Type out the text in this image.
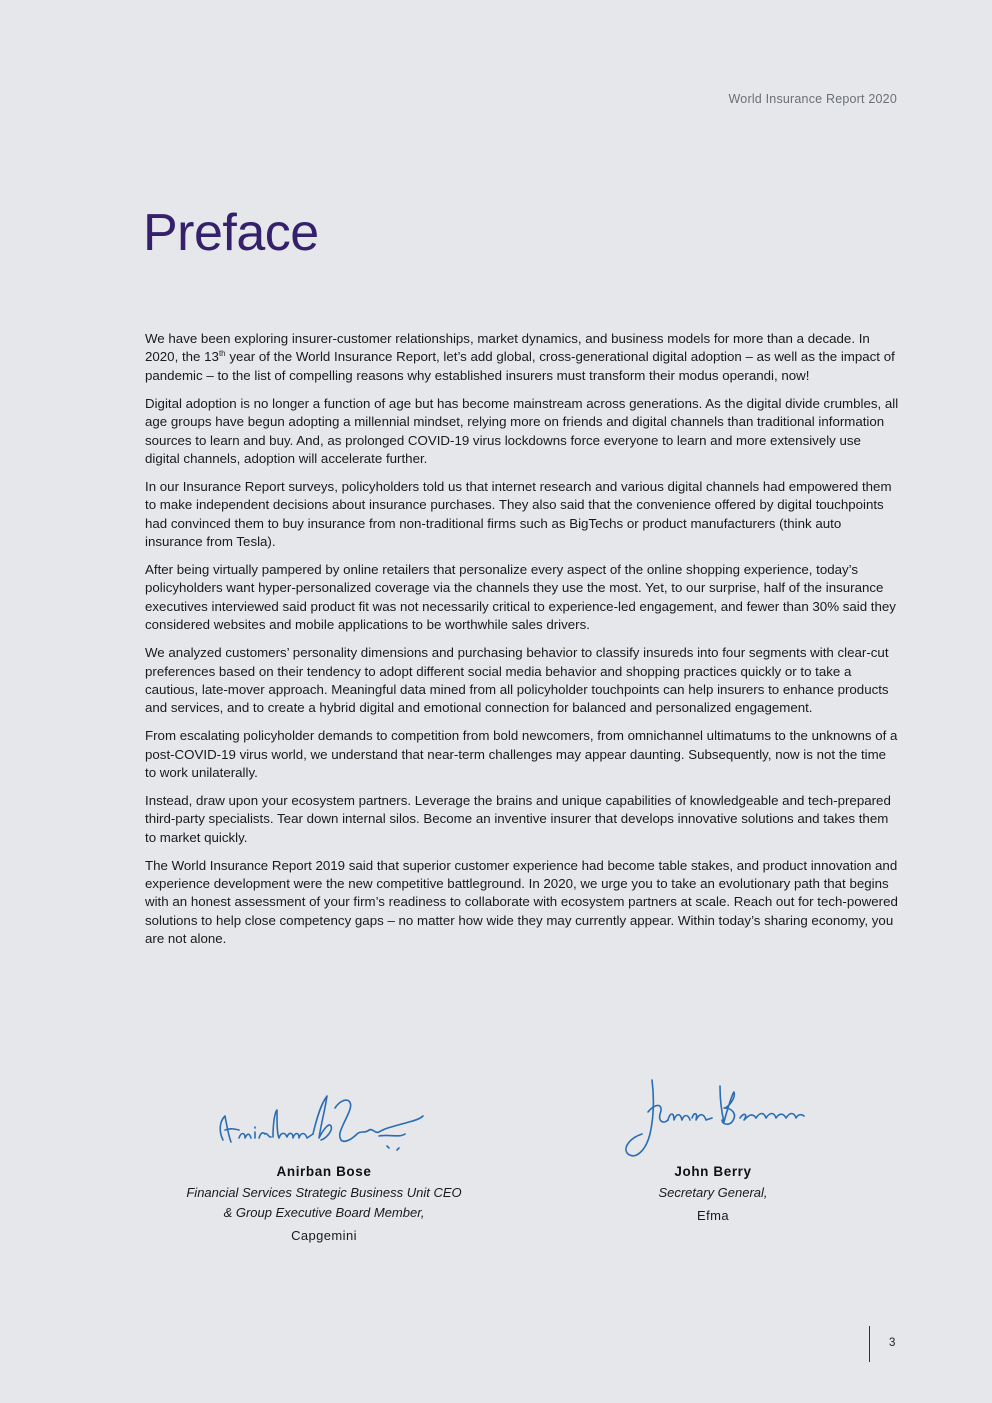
World Insurance Report 2020
Preface

We have been exploring insurer-customer relationships, market dynamics, and business models for more than a decade. In 2020, the 13th year of the World Insurance Report, let’s add global, cross-generational digital adoption – as well as the impact of pandemic – to the list of compelling reasons why established insurers must transform their modus operandi, now!

Digital adoption is no longer a function of age but has become mainstream across generations. As the digital divide crumbles, all age groups have begun adopting a millennial mindset, relying more on friends and digital channels than traditional information sources to learn and buy. And, as prolonged COVID-19 virus lockdowns force everyone to learn and more extensively use digital channels, adoption will accelerate further.

In our Insurance Report surveys, policyholders told us that internet research and various digital channels had empowered them to make independent decisions about insurance purchases. They also said that the convenience offered by digital touchpoints had convinced them to buy insurance from non-traditional firms such as BigTechs or product manufacturers (think auto insurance from Tesla).

After being virtually pampered by online retailers that personalize every aspect of the online shopping experience, today’s policyholders want hyper-personalized coverage via the channels they use the most. Yet, to our surprise, half of the insurance executives interviewed said product fit was not necessarily critical to experience-led engagement, and fewer than 30% said they considered websites and mobile applications to be worthwhile sales drivers.

We analyzed customers’ personality dimensions and purchasing behavior to classify insureds into four segments with clear-cut preferences based on their tendency to adopt different social media behavior and shopping practices quickly or to take a cautious, late-mover approach. Meaningful data mined from all policyholder touchpoints can help insurers to enhance products and services, and to create a hybrid digital and emotional connection for balanced and personalized engagement.

From escalating policyholder demands to competition from bold newcomers, from omnichannel ultimatums to the unknowns of a post-COVID-19 virus world, we understand that near-term challenges may appear daunting. Subsequently, now is not the time to work unilaterally.

Instead, draw upon your ecosystem partners. Leverage the brains and unique capabilities of knowledgeable and tech-prepared third-party specialists. Tear down internal silos. Become an inventive insurer that develops innovative solutions and takes them to market quickly.

The World Insurance Report 2019 said that superior customer experience had become table stakes, and product innovation and experience development were the new competitive battleground. In 2020, we urge you to take an evolutionary path that begins with an honest assessment of your firm’s readiness to collaborate with ecosystem partners at scale. Reach out for tech-powered solutions to help close competency gaps – no matter how wide they may currently appear. Within today’s sharing economy, you are not alone.

Anirban Bose
Financial Services Strategic Business Unit CEO
& Group Executive Board Member,
Capgemini
John Berry
Secretary General,
Efma
3
